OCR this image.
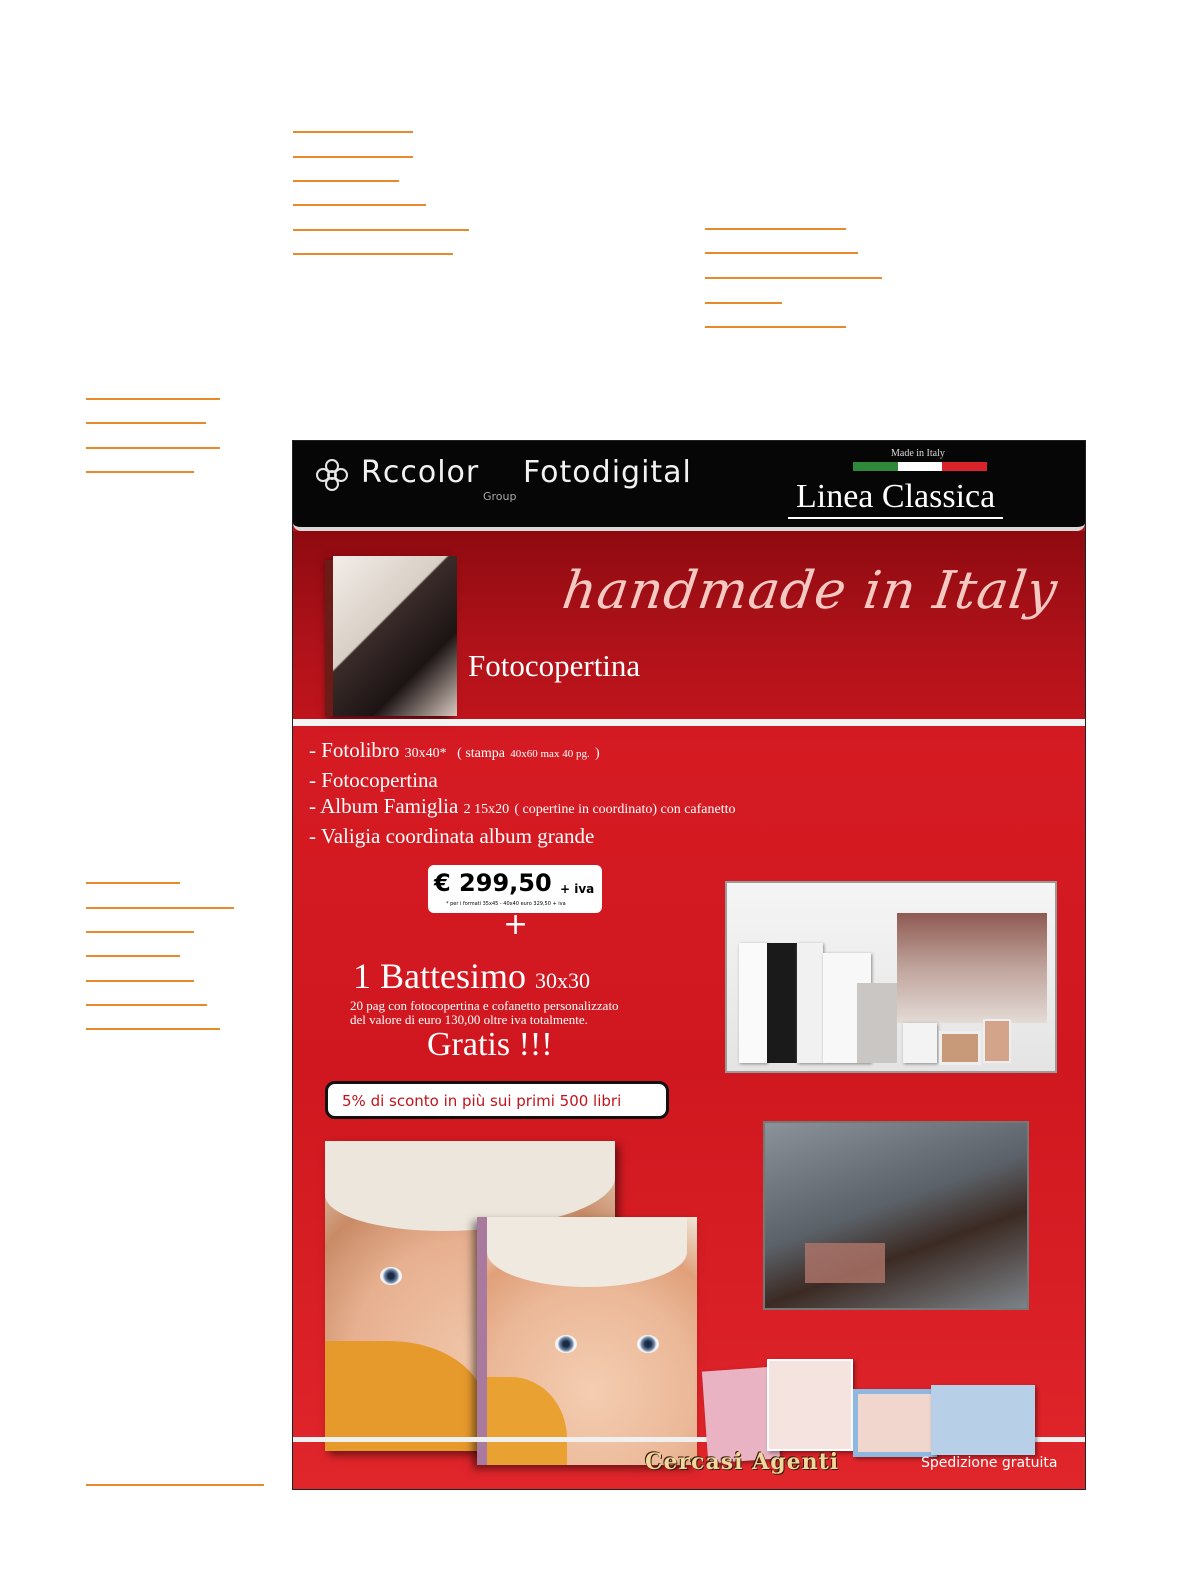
Rccolor
Group
Fotodigital
Made in Italy
Linea Classica
handmade in Italy
Fotocopertina
- Fotolibro 30x40* ( stampa 40x60 max 40 pg. )
- Fotocopertina
- Album Famiglia 2 15x20 ( copertine in coordinato) con cafanetto
- Valigia coordinata album grande
€ 299,50 + iva
* per i formati 35x45 - 40x40 euro 329,50 + iva
+
1 Battesimo 30x30
20 pag con fotocopertina e cofanetto personalizzato
del valore di euro 130,00 oltre iva totalmente.
Gratis !!!
5% di sconto in più sui primi 500 libri
Cercasi Agenti	Spedizione gratuita
